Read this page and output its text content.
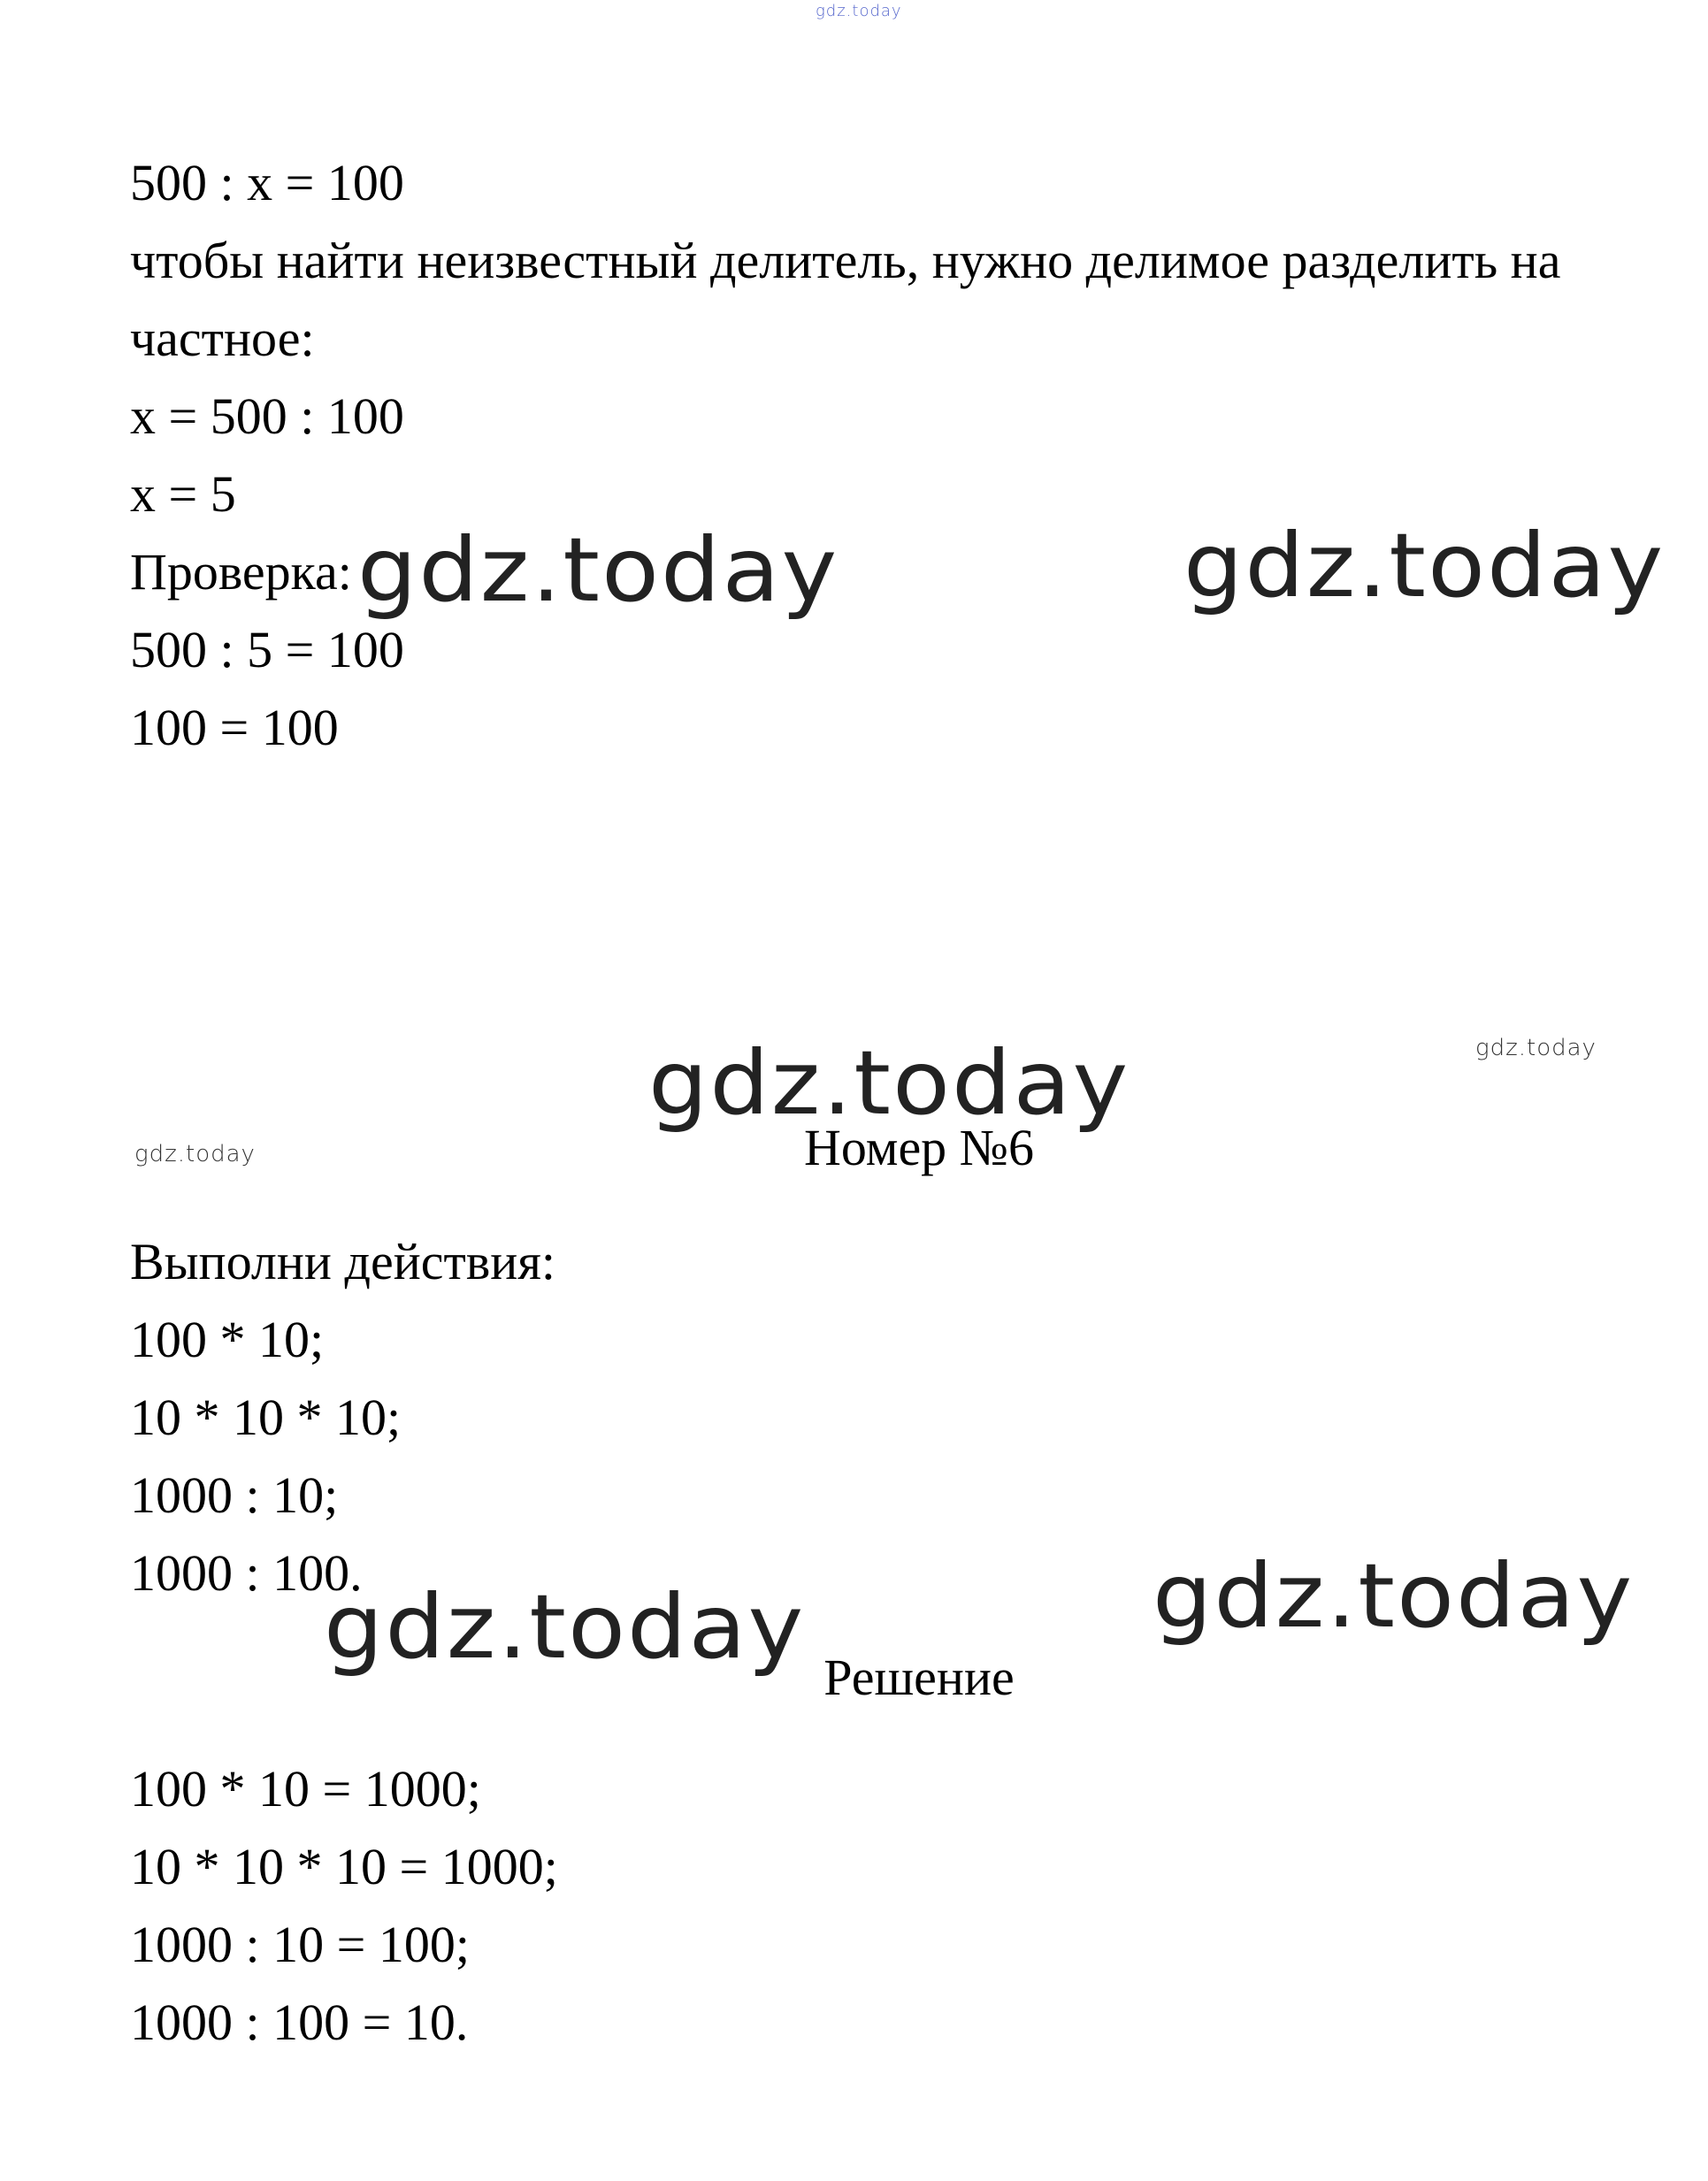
gdz.today
500 : x = 100
чтобы найти неизвестный делитель, нужно делимое разделить на
частное:
x = 500 : 100
x = 5
Проверка:
500 : 5 = 100
100 = 100
gdz.today	gdz.today
gdz.today
gdz.today
gdz.today	Номер №6
Выполни действия:
100 * 10;
10 * 10 * 10;
1000 : 10;
1000 : 100.	gdz.today
gdz.today Решение
100 * 10 = 1000;
10 * 10 * 10 = 1000;
1000 : 10 = 100;
1000 : 100 = 10.
